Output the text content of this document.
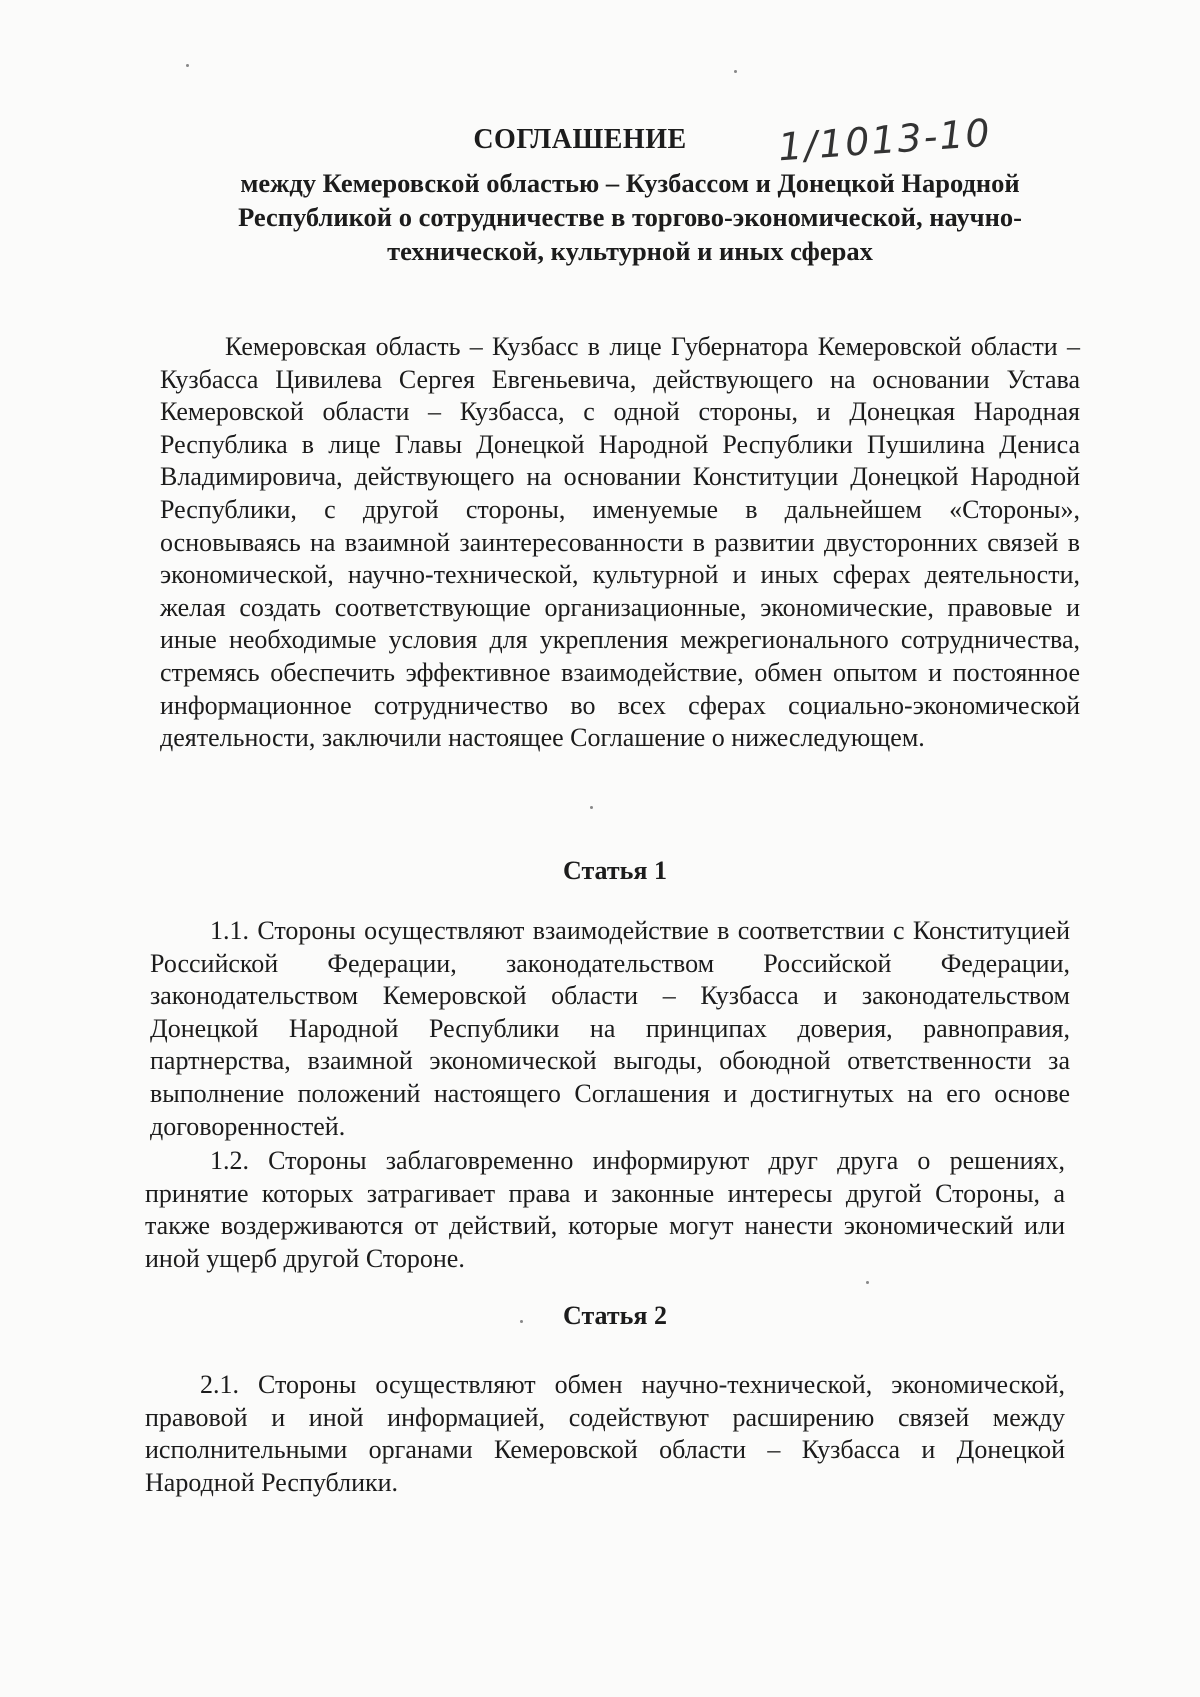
СОГЛАШЕНИЕ	1/1013-10
между Кемеровской областью – Кузбассом и Донецкой Народной Республикой о сотрудничестве в торгово-экономической, научно-технической, культурной и иных сферах

Кемеровская область – Кузбасс в лице Губернатора Кемеровской области – Кузбасса Цивилева Сергея Евгеньевича, действующего на основании Устава Кемеровской области – Кузбасса, с одной стороны, и Донецкая Народная Республика в лице Главы Донецкой Народной Республики Пушилина Дениса Владимировича, действующего на основании Конституции Донецкой Народной Республики, с другой стороны, именуемые в дальнейшем «Стороны», основываясь на взаимной заинтересованности в развитии двусторонних связей в экономической, научно-технической, культурной и иных сферах деятельности, желая создать соответствующие организационные, экономические, правовые и иные необходимые условия для укрепления межрегионального сотрудничества, стремясь обеспечить эффективное взаимодействие, обмен опытом и постоянное информационное сотрудничество во всех сферах социально-экономической деятельности, заключили настоящее Соглашение о нижеследующем.

Статья 1

1.1. Стороны осуществляют взаимодействие в соответствии с Конституцией Российской Федерации, законодательством Российской Федерации, законодательством Кемеровской области – Кузбасса и законодательством Донецкой Народной Республики на принципах доверия, равноправия, партнерства, взаимной экономической выгоды, обоюдной ответственности за выполнение положений настоящего Соглашения и достигнутых на его основе договоренностей.

1.2. Стороны заблаговременно информируют друг друга о решениях, принятие которых затрагивает права и законные интересы другой Стороны, а также воздерживаются от действий, которые могут нанести экономический или иной ущерб другой Стороне.

Статья 2

2.1. Стороны осуществляют обмен научно-технической, экономической, правовой и иной информацией, содействуют расширению связей между исполнительными органами Кемеровской области – Кузбасса и Донецкой Народной Республики.
